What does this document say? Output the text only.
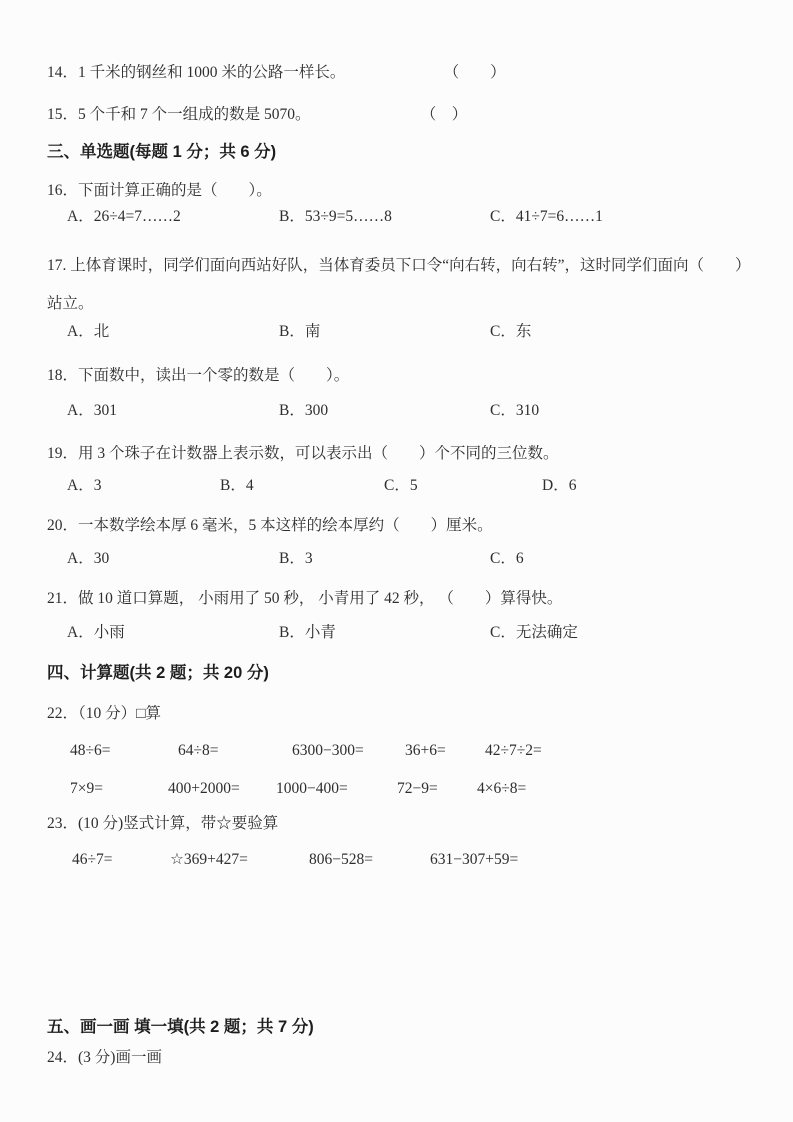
14．1 千米的钢丝和 1000 米的公路一样长。	（　　）
15．5 个千和 7 个一组成的数是 5070。	（　）
三、单选题(每题 1 分；共 6 分)
16．下面计算正确的是（　　）。
A．26÷4=7……2	B．53÷9=5……8	C．41÷7=6……1
17. 上体育课时，同学们面向西站好队，当体育委员下口令“向右转，向右转”，这时同学们面向（　　）
站立。
A．北	B．南	C．东
18．下面数中，读出一个零的数是（　　）。
A．301	B．300	C．310
19．用 3 个珠子在计数器上表示数，可以表示出（　　）个不同的三位数。
A．3	B．4	C．5	D．6
20．一本数学绘本厚 6 毫米，5 本这样的绘本厚约（　　）厘米。
A．30	B．3	C．6
21．做 10 道口算题， 小雨用了 50 秒， 小青用了 42 秒， （　　）算得快。
A．小雨	B．小青	C．无法确定
四、计算题(共 2 题；共 20 分)
22．（10 分）□算
48÷6=	64÷8=	6300−300=	36+6=	42÷7÷2=
7×9=	400+2000=	1000−400=	72−9=	4×6÷8=
23．(10 分)竖式计算，带☆要验算
46÷7=	☆369+427=	806−528=	631−307+59=
五、画一画 填一填(共 2 题；共 7 分)
24．(3 分)画一画
